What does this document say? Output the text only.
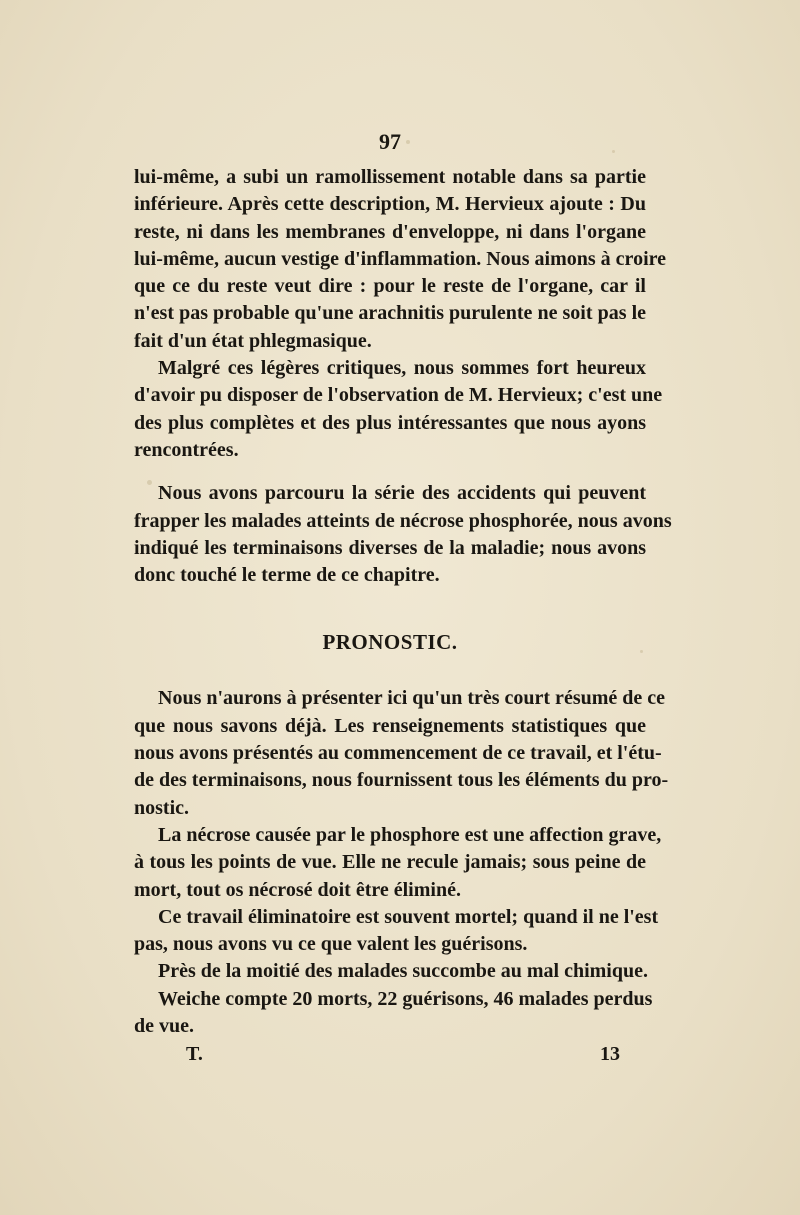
97

lui-même, a subi un ramollissement notable dans sa partie
inférieure. Après cette description, M. Hervieux ajoute : Du
reste, ni dans les membranes d'enveloppe, ni dans l'organe
lui-même, aucun vestige d'inflammation. Nous aimons à croire
que ce du reste veut dire : pour le reste de l'organe, car il
n'est pas probable qu'une arachnitis purulente ne soit pas le
fait d'un état phlegmasique.

Malgré ces légères critiques, nous sommes fort heureux
d'avoir pu disposer de l'observation de M. Hervieux; c'est une
des plus complètes et des plus intéressantes que nous ayons
rencontrées.

Nous avons parcouru la série des accidents qui peuvent
frapper les malades atteints de nécrose phosphorée, nous avons
indiqué les terminaisons diverses de la maladie; nous avons
donc touché le terme de ce chapitre.

PRONOSTIC.

Nous n'aurons à présenter ici qu'un très court résumé de ce
que nous savons déjà. Les renseignements statistiques que
nous avons présentés au commencement de ce travail, et l'étu-
de des terminaisons, nous fournissent tous les éléments du pro-
nostic.

La nécrose causée par le phosphore est une affection grave,
à tous les points de vue. Elle ne recule jamais; sous peine de
mort, tout os nécrosé doit être éliminé.

Ce travail éliminatoire est souvent mortel; quand il ne l'est
pas, nous avons vu ce que valent les guérisons.

Près de la moitié des malades succombe au mal chimique.

Weiche compte 20 morts, 22 guérisons, 46 malades perdus
de vue.

T.	13
